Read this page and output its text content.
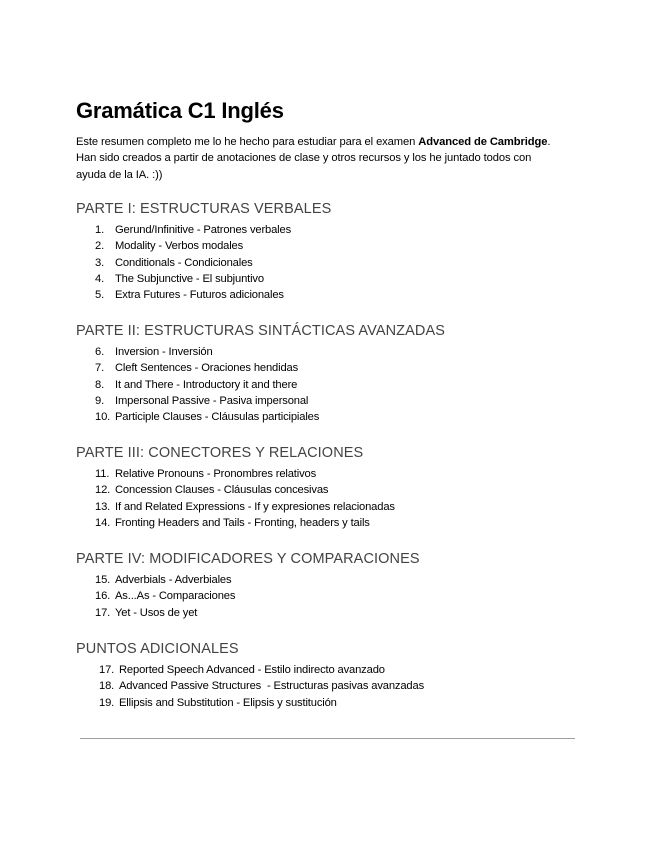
Gramática C1 Inglés

Este resumen completo me lo he hecho para estudiar para el examen Advanced de Cambridge. Han sido creados a partir de anotaciones de clase y otros recursos y los he juntado todos con ayuda de la IA. :))

PARTE I: ESTRUCTURAS VERBALES
1. Gerund/Infinitive - Patrones verbales
2. Modality - Verbos modales
3. Conditionals - Condicionales
4. The Subjunctive - El subjuntivo
5. Extra Futures - Futuros adicionales
PARTE II: ESTRUCTURAS SINTÁCTICAS AVANZADAS
6. Inversion - Inversión
7. Cleft Sentences - Oraciones hendidas
8. It and There - Introductory it and there
9. Impersonal Passive - Pasiva impersonal
10. Participle Clauses - Cláusulas participiales
PARTE III: CONECTORES Y RELACIONES
11. Relative Pronouns - Pronombres relativos
12. Concession Clauses - Cláusulas concesivas
13. If and Related Expressions - If y expresiones relacionadas
14. Fronting Headers and Tails - Fronting, headers y tails
PARTE IV: MODIFICADORES Y COMPARACIONES
15. Adverbials - Adverbiales
16. As...As - Comparaciones
17. Yet - Usos de yet
PUNTOS ADICIONALES
17. Reported Speech Advanced - Estilo indirecto avanzado
18. Advanced Passive Structures  - Estructuras pasivas avanzadas
19. Ellipsis and Substitution - Elipsis y sustitución
